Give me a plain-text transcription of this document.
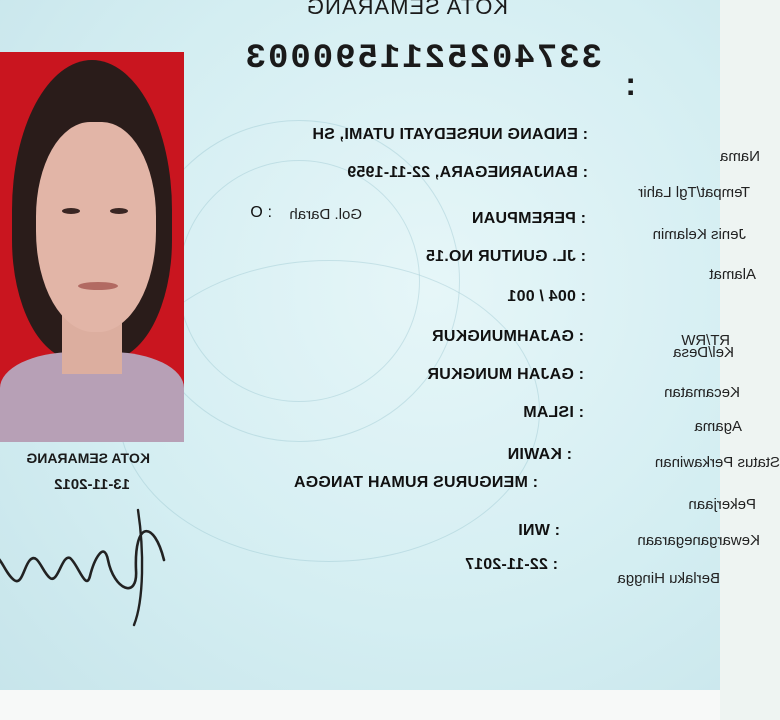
KOTA SEMARANG
:
3374025211590003
Nama
Tempat/Tgl Lahir
Jenis Kelamin
Alamat
RT/RW
Kel/Desa
Kecamatan
Agama
Status Perkawinan
Pekerjaan
Kewarganegaraan
Berlaku Hingga
: ENDANG NURSEDYATI UTAMI, SH
: BANJARNEGARA, 22-11-1959
: PEREMPUAN
: JL. GUNTUR NO.15
: 004 / 001
: GAJAHMUNGKUR
: GAJAH MUNGKUR
: ISLAM
: KAWIN
: MENGURUS RUMAH TANGGA
: WNI
: 22-11-2017
Gol. Darah
: O
KOTA SEMARANG
13-11-2012
